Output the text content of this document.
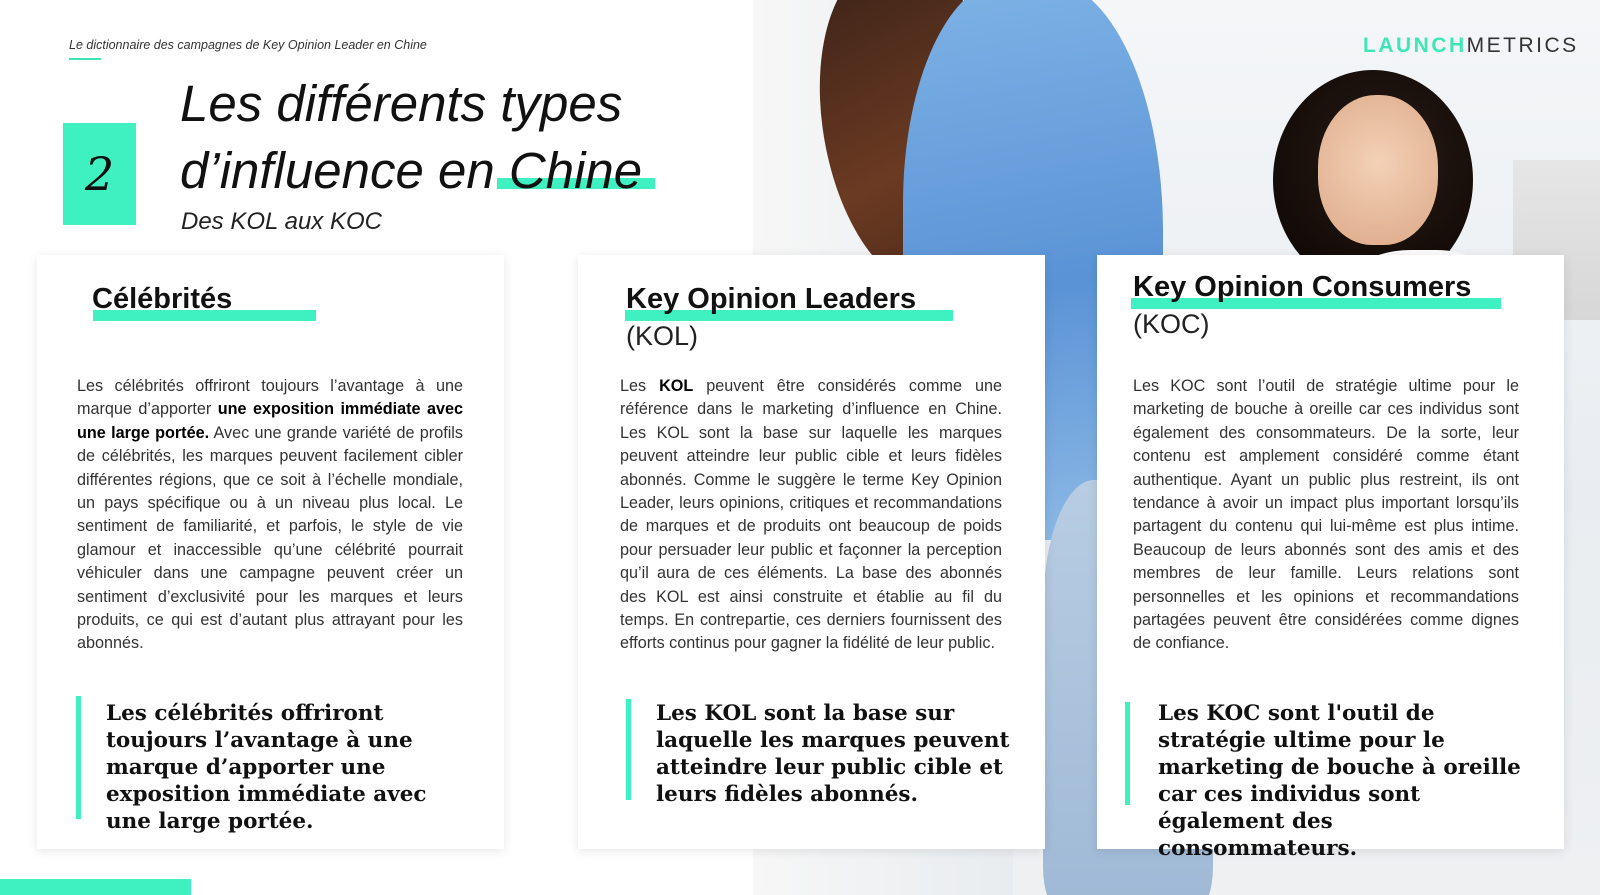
Le dictionnaire des campagnes de Key Opinion Leader en Chine	LAUNCHMETRICS
2
Les différents types
d’influence en Chine
Des KOL aux KOC
Célébrités
Les célébrités offriront toujours l’avantage à une marque d’apporter une exposition immédiate avec une large portée. Avec une grande variété de profils de célébrités, les marques peuvent facilement cibler différentes régions, que ce soit à l’échelle mondiale, un pays spécifique ou à un niveau plus local. Le sentiment de familiarité, et parfois, le style de vie glamour et inaccessible qu’une célébrité pourrait véhiculer dans une campagne peuvent créer un sentiment d’exclusivité pour les marques et leurs produits, ce qui est d’autant plus attrayant pour les abonnés.
Les célébrités offriront toujours l’avantage à une marque d’apporter une exposition immédiate avec une large portée.
Key Opinion Leaders
(KOL)
Les KOL peuvent être considérés comme une référence dans le marketing d’influence en Chine. Les KOL sont la base sur laquelle les marques peuvent atteindre leur public cible et leurs fidèles abonnés. Comme le suggère le terme Key Opinion Leader, leurs opinions, critiques et recommandations de marques et de produits ont beaucoup de poids pour persuader leur public et façonner la perception qu’il aura de ces éléments. La base des abonnés des KOL est ainsi construite et établie au fil du temps. En contrepartie, ces derniers fournissent des efforts continus pour gagner la fidélité de leur public.
Les KOL sont la base sur laquelle les marques peuvent atteindre leur public cible et leurs fidèles abonnés.
Key Opinion Consumers
(KOC)
Les KOC sont l’outil de stratégie ultime pour le marketing de bouche à oreille car ces individus sont également des consommateurs. De la sorte, leur contenu est amplement considéré comme étant authentique. Ayant un public plus restreint, ils ont tendance à avoir un impact plus important lorsqu’ils partagent du contenu qui lui-même est plus intime. Beaucoup de leurs abonnés sont des amis et des membres de leur famille. Leurs relations sont personnelles et les opinions et recommandations partagées peuvent être considérées comme dignes de confiance.
Les KOC sont l'outil de stratégie ultime pour le marketing de bouche à oreille car ces individus sont également des consommateurs.
